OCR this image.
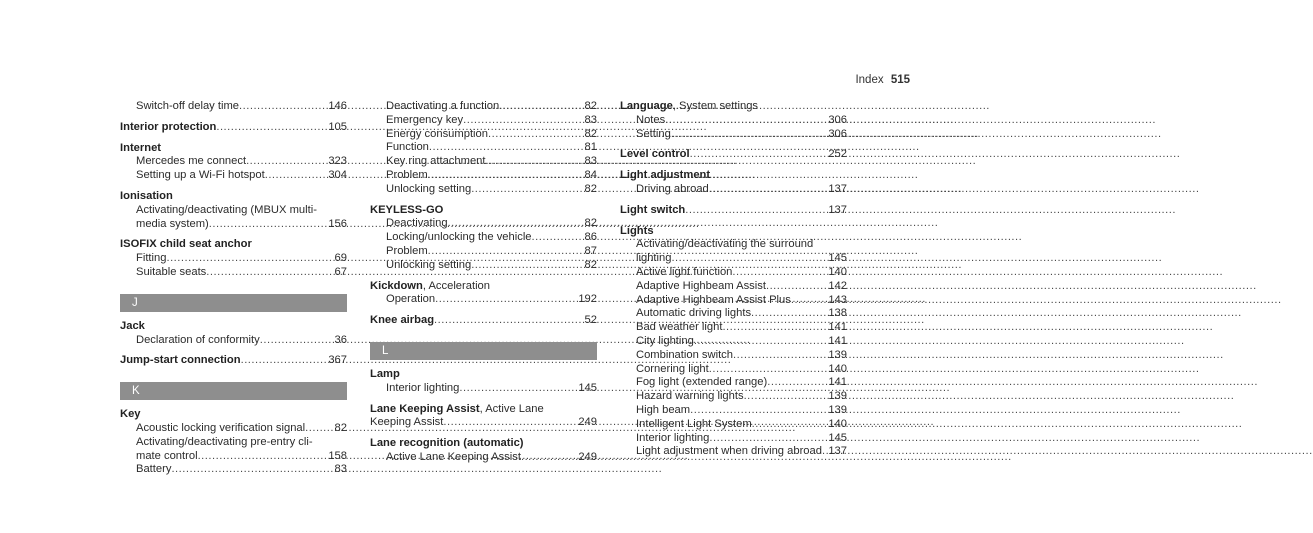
Index 515
Switch-off delay time .....	146
Interior protection .....	105
Internet
Mercedes me connect .....	323
Setting up a Wi-Fi hotspot .....	304
Ionisation
Activating/deactivating (MBUX multi-
media system) .....	156
ISOFIX child seat anchor
Fitting .....	69
Suitable seats .....	67
J
Jack
Declaration of conformity .....	36
Jump-start connection .....	367
K
Key
Acoustic locking verification signal .....	82
Activating/deactivating pre-entry cli-
mate control .....	158
Battery .....	83
Deactivating a function .....	82
Emergency key .....	83
Energy consumption .....	82
Function .....	81
Key ring attachment .....	83
Problem .....	84
Unlocking setting .....	82
KEYLESS-GO
Deactivating .....	82
Locking/unlocking the vehicle .....	86
Problem .....	87
Unlocking setting .....	82
Kickdown, Acceleration
Operation .....	192
Knee airbag .....	52
L
Lamp
Interior lighting .....	145
Lane Keeping Assist, Active Lane
Keeping Assist .....	249
Lane recognition (automatic)
Active Lane Keeping Assist .....	249
Language, System settings
Notes .....	306
Setting .....	306
Level control .....	252
Light adjustment
Driving abroad .....	137
Light switch .....	137
Lights
Activating/deactivating the surround
lighting .....	145
Active light function .....	140
Adaptive Highbeam Assist .....	142
Adaptive Highbeam Assist Plus .....	143
Automatic driving lights .....	138
Bad weather light .....	141
City lighting .....	141
Combination switch .....	139
Cornering light .....	140
Fog light (extended range) .....	141
Hazard warning lights .....	139
High beam .....	139
Intelligent Light System .....	140
Interior lighting .....	145
Light adjustment when driving abroad ..... 137
